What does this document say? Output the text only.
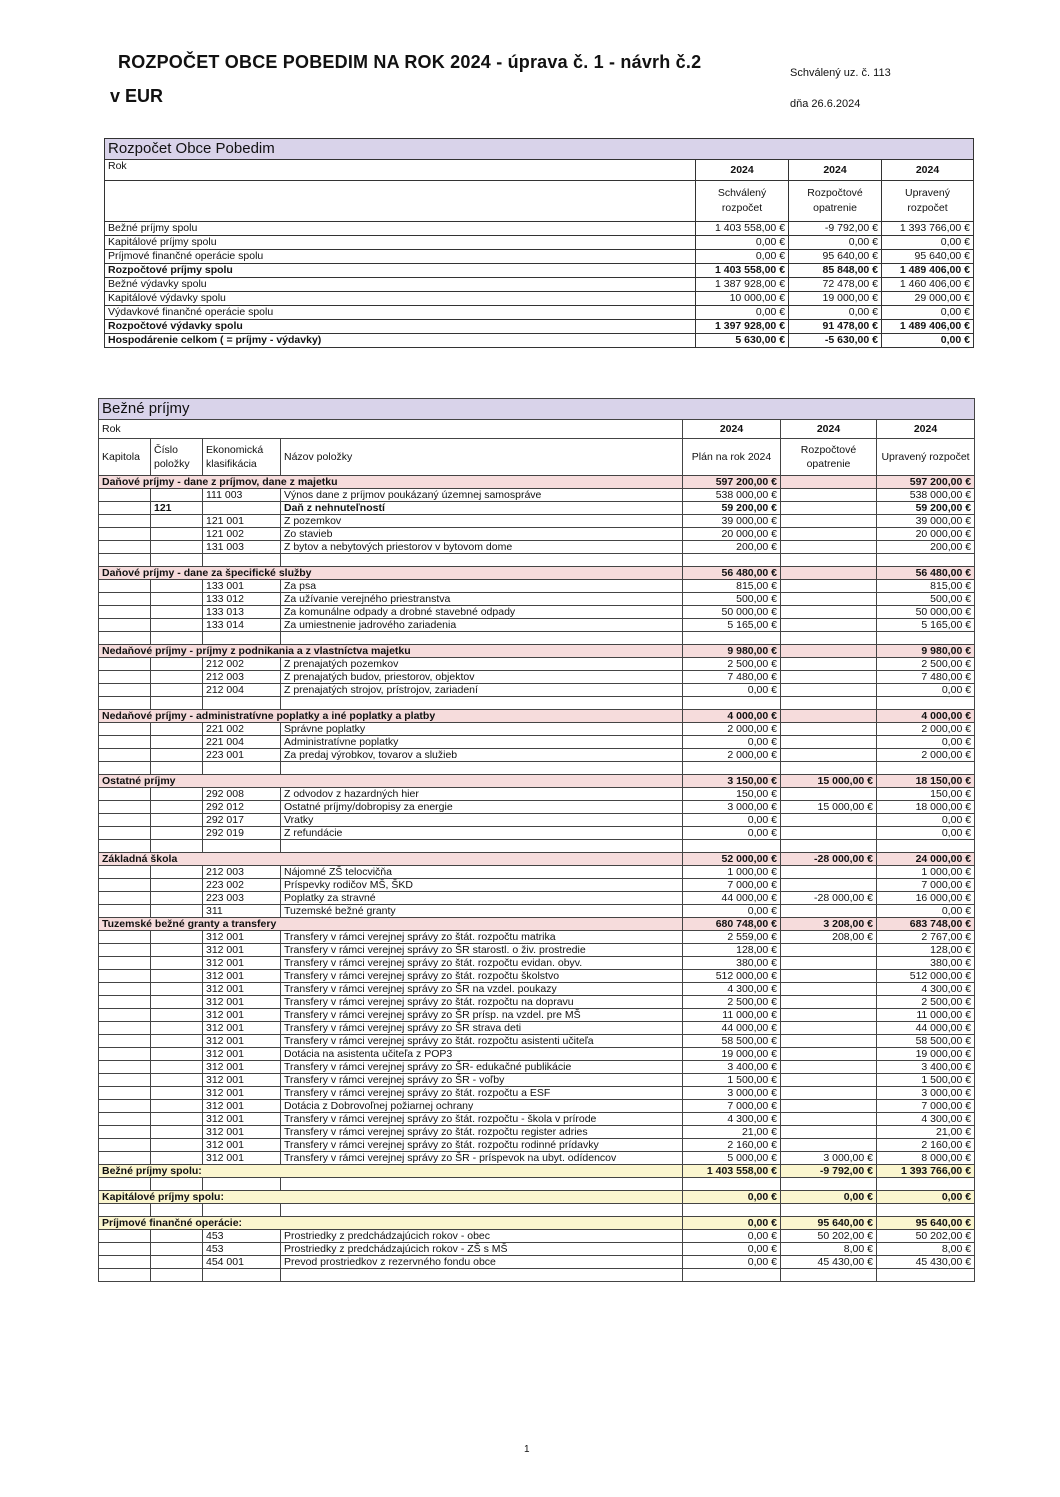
ROZPOČET OBCE POBEDIM NA ROK 2024 - úprava č. 1 - návrh č.2
v EUR
Schválený uz. č. 113
dňa 26.6.2024
Rozpočet Obce Pobedim			
Rok	2024	2024	2024
	Schválený rozpočet	Rozpočtové opatrenie	Upravený rozpočet
Bežné príjmy spolu	1 403 558,00 €	-9 792,00 €	1 393 766,00 €
Kapitálové príjmy spolu	0,00 €	0,00 €	0,00 €
Príjmové finančné operácie spolu	0,00 €	95 640,00 €	95 640,00 €
Rozpočtové príjmy spolu	1 403 558,00 €	85 848,00 €	1 489 406,00 €
Bežné výdavky spolu	1 387 928,00 €	72 478,00 €	1 460 406,00 €
Kapitálové výdavky spolu	10 000,00 €	19 000,00 €	29 000,00 €
Výdavkové finančné operácie spolu	0,00 €	0,00 €	0,00 €
Rozpočtové výdavky spolu	1 397 928,00 €	91 478,00 €	1 489 406,00 €
Hospodárenie celkom ( = príjmy - výdavky)	5 630,00 €	-5 630,00 €	0,00 €
Bežné príjmy						
Rok				2024	2024	2024
Kapitola	Číslo položky	Ekonomická klasifikácia	Názov položky	Plán na rok 2024	Rozpočtové opatrenie	Upravený rozpočet
Daňové príjmy - dane z príjmov, dane z majetku				597 200,00 €		597 200,00 €
		111 003	Výnos dane z príjmov poukázaný územnej samospráve	538 000,00 €		538 000,00 €
	121		Daň z nehnuteľností	59 200,00 €		59 200,00 €
		121 001	Z pozemkov	39 000,00 €		39 000,00 €
		121 002	Zo stavieb	20 000,00 €		20 000,00 €
		131 003	Z bytov a nebytových priestorov v bytovom dome	200,00 €		200,00 €

Daňové príjmy - dane za špecifické služby				56 480,00 €		56 480,00 €
		133 001	Za psa	815,00 €		815,00 €
		133 012	Za užívanie verejného priestranstva	500,00 €		500,00 €
		133 013	Za komunálne odpady a drobné stavebné odpady	50 000,00 €		50 000,00 €
		133 014	Za umiestnenie jadrového zariadenia	5 165,00 €		5 165,00 €

Nedaňové príjmy - príjmy z podnikania a z vlastníctva majetku				9 980,00 €		9 980,00 €
		212 002	Z prenajatých pozemkov	2 500,00 €		2 500,00 €
		212 003	Z prenajatých budov, priestorov, objektov	7 480,00 €		7 480,00 €
		212 004	Z prenajatých strojov, prístrojov, zariadení	0,00 €		0,00 €

Nedaňové príjmy - administratívne poplatky a iné poplatky a platby				4 000,00 €		4 000,00 €
		221 002	Správne poplatky	2 000,00 €		2 000,00 €
		221 004	Administratívne poplatky	0,00 €		0,00 €
		223 001	Za predaj výrobkov, tovarov a služieb	2 000,00 €		2 000,00 €

Ostatné príjmy				3 150,00 €	15 000,00 €	18 150,00 €
		292 008	Z odvodov z hazardných hier	150,00 €		150,00 €
		292 012	Ostatné príjmy/dobropisy za energie	3 000,00 €	15 000,00 €	18 000,00 €
		292 017	Vratky	0,00 €		0,00 €
		292 019	Z refundácie	0,00 €		0,00 €

Základná škola				52 000,00 €	-28 000,00 €	24 000,00 €
		212 003	Nájomné ZŠ telocvičňa	1 000,00 €		1 000,00 €
		223 002	Príspevky rodičov MŠ, ŠKD	7 000,00 €		7 000,00 €
		223 003	Poplatky za stravné	44 000,00 €	-28 000,00 €	16 000,00 €
		311	Tuzemské bežné granty	0,00 €		0,00 €
Tuzemské bežné granty a transfery				680 748,00 €	3 208,00 €	683 748,00 €
		312 001	Transfery v rámci verejnej správy zo štát. rozpočtu matrika	2 559,00 €	208,00 €	2 767,00 €
		312 001	Transfery v rámci verejnej správy zo ŠR starostl. o živ. prostredie	128,00 €		128,00 €
		312 001	Transfery v rámci verejnej správy zo štát. rozpočtu evidan. obyv.	380,00 €		380,00 €
		312 001	Transfery v rámci verejnej správy zo štát. rozpočtu školstvo	512 000,00 €		512 000,00 €
		312 001	Transfery v rámci verejnej správy zo ŠR na vzdel. poukazy	4 300,00 €		4 300,00 €
		312 001	Transfery v rámci verejnej správy zo štát. rozpočtu na dopravu	2 500,00 €		2 500,00 €
		312 001	Transfery v rámci verejnej správy zo ŠR prísp. na vzdel. pre MŠ	11 000,00 €		11 000,00 €
		312 001	Transfery v rámci verejnej správy zo ŠR strava deti	44 000,00 €		44 000,00 €
		312 001	Transfery v rámci verejnej správy zo štát. rozpočtu asistenti učiteľa	58 500,00 €		58 500,00 €
		312 001	Dotácia na asistenta učiteľa z POP3	19 000,00 €		19 000,00 €
		312 001	Transfery v rámci verejnej správy zo ŠR- edukačné publikácie	3 400,00 €		3 400,00 €
		312 001	Transfery v rámci verejnej správy zo ŠR - voľby	1 500,00 €		1 500,00 €
		312 001	Transfery v rámci verejnej správy zo štát. rozpočtu a ESF	3 000,00 €		3 000,00 €
		312 001	Dotácia z Dobrovoľnej požiarnej ochrany	7 000,00 €		7 000,00 €
		312 001	Transfery v rámci verejnej správy zo štát. rozpočtu - škola v prírode	4 300,00 €		4 300,00 €
		312 001	Transfery v rámci verejnej správy zo štát. rozpočtu register adries	21,00 €		21,00 €
		312 001	Transfery v rámci verejnej správy zo štát. rozpočtu rodinné prídavky	2 160,00 €		2 160,00 €
		312 001	Transfery v rámci verejnej správy zo ŠR - príspevok na ubyt. odídencov	5 000,00 €	3 000,00 €	8 000,00 €
Bežné príjmy spolu:				1 403 558,00 €	-9 792,00 €	1 393 766,00 €

Kapitálové príjmy spolu:				0,00 €	0,00 €	0,00 €

Príjmové finančné operácie:				0,00 €	95 640,00 €	95 640,00 €
		453	Prostriedky z predchádzajúcich rokov - obec	0,00 €	50 202,00 €	50 202,00 €
		453	Prostriedky z predchádzajúcich rokov - ZŠ s MŠ	0,00 €	8,00 €	8,00 €
		454 001	Prevod prostriedkov z rezervného fondu obce	0,00 €	45 430,00 €	45 430,00 €

1
